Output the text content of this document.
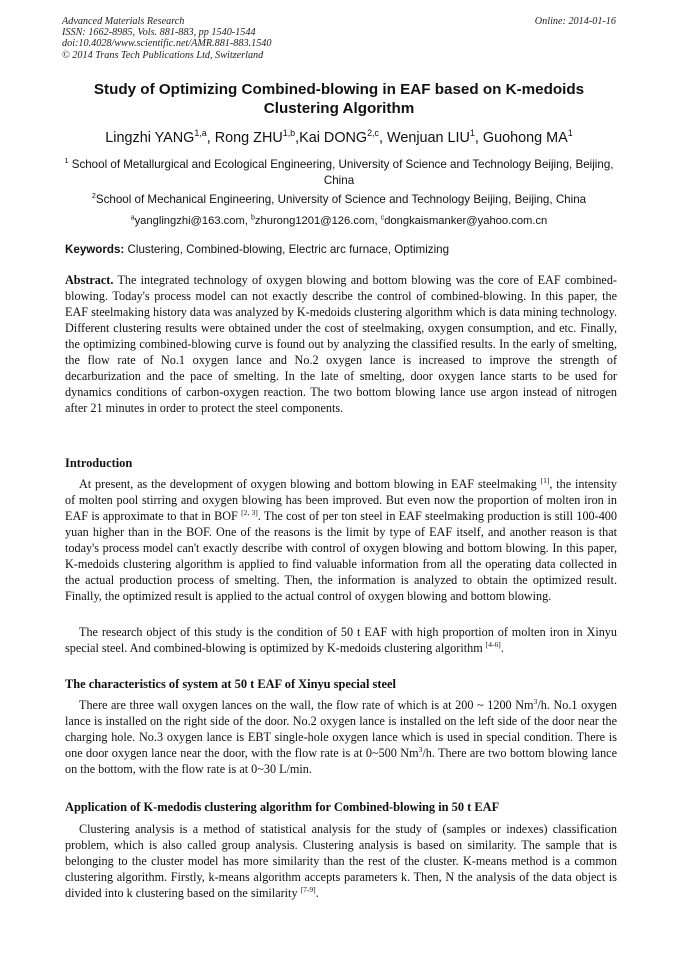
Advanced Materials Research
ISSN: 1662-8985, Vols. 881-883, pp 1540-1544
doi:10.4028/www.scientific.net/AMR.881-883.1540
© 2014 Trans Tech Publications Ltd, Switzerland
Online: 2014-01-16
Study of Optimizing Combined-blowing in EAF based on K-medoids Clustering Algorithm
Lingzhi YANG$^{1,a}$, Rong ZHU$^{1,b}$,Kai DONG$^{2,c}$, Wenjuan LIU$^1$, Guohong $MA^1$
$^1$ School of Metallurgical and Ecological Engineering, University of Science and Technology Beijing, Beijing, China
$^2$School of Mechanical Engineering, University of Science and Technology Beijing, Beijing, China
$^a$yanglingzhi@163.com, $^b$zhurong1201@126.com, $^c$dongkaismanker@yahoo.com.cn
Keywords: Clustering, Combined-blowing, Electric arc furnace, Optimizing
Abstract. The integrated technology of oxygen blowing and bottom blowing was the core of EAF combined-blowing. Today's process model can not exactly describe the control of combined-blowing. In this paper, the EAF steelmaking history data was analyzed by K-medoids clustering algorithm which is data mining technology. Different clustering results were obtained under the cost of steelmaking, oxygen consumption, and etc. Finally, the optimizing combined-blowing curve is found out by analyzing the classified results. In the early of smelting, the flow rate of No.1 oxygen lance and No.2 oxygen lance is increased to improve the strength of decarburization and the pace of smelting. In the late of smelting, door oxygen lance starts to be used for dynamics conditions of carbon-oxygen reaction. The two bottom blowing lance use argon instead of nitrogen after 21 minutes in order to protect the steel components.
Introduction
At present, as the development of oxygen blowing and bottom blowing in EAF steelmaking [1], the intensity of molten pool stirring and oxygen blowing has been improved. But even now the proportion of molten iron in EAF is approximate to that in BOF [2, 3]. The cost of per ton steel in EAF steelmaking production is still 100-400 yuan higher than in the BOF. One of the reasons is the limit by type of EAF itself, and another reason is that today's process model can't exactly describe with control of oxygen blowing and bottom blowing. In this paper, K-medoids clustering algorithm is applied to find valuable information from all the operating data collected in the actual production process of smelting. Then, the information is analyzed to obtain the optimized result. Finally, the optimized result is applied to the actual control of oxygen blowing and bottom blowing.
The research object of this study is the condition of 50 t EAF with high proportion of molten iron in Xinyu special steel. And combined-blowing is optimized by K-medoids clustering algorithm [4-6].
The characteristics of system at 50 t EAF of Xinyu special steel
There are three wall oxygen lances on the wall, the flow rate of which is at 200 ~ 1200 Nm$^3$/h. No.1 oxygen lance is installed on the right side of the door. No.2 oxygen lance is installed on the left side of the door near the charging hole. No.3 oxygen lance is EBT single-hole oxygen lance which is used in special condition. There is one door oxygen lance near the door, with the flow rate is at 0~500 Nm$^3$/h. There are two bottom blowing lance on the bottom, with the flow rate is at 0~30 L/min.
Application of K-medodis clustering algorithm for Combined-blowing in 50 t EAF
Clustering analysis is a method of statistical analysis for the study of (samples or indexes) classification problem, which is also called group analysis. Clustering analysis is based on similarity. The sample that is belonging to the cluster model has more similarity than the rest of the cluster. K-means method is a common clustering algorithm. Firstly, k-means algorithm accepts parameters k. Then, N the analysis of the data object is divided into k clustering based on the similarity [7-9].
